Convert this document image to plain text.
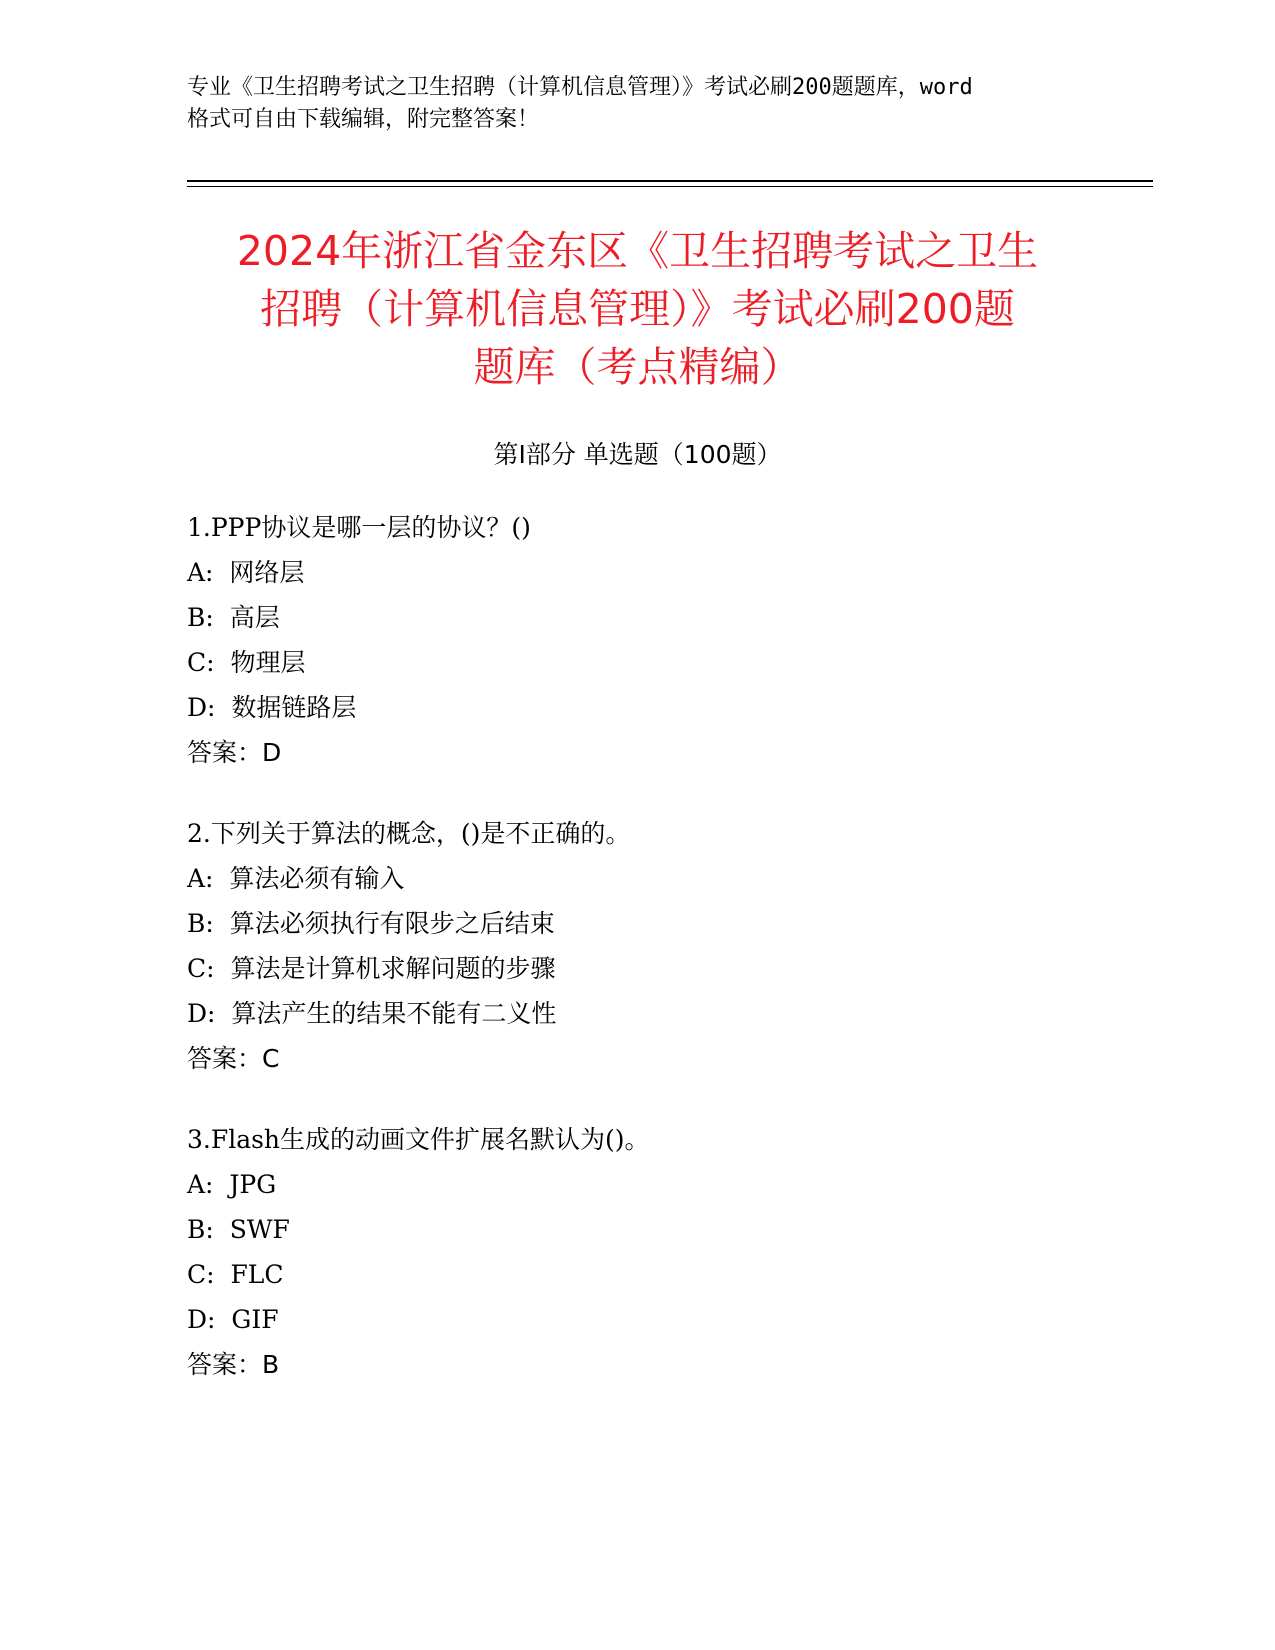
专业《卫生招聘考试之卫生招聘（计算机信息管理）》考试必刷200题题库，word
格式可自由下载编辑，附完整答案！
2024年浙江省金东区《卫生招聘考试之卫生
招聘（计算机信息管理）》考试必刷200题
题库（考点精编）
第I部分 单选题（100题）
1.PPP协议是哪一层的协议？()
A:  网络层
B:  高层
C:  物理层
D:  数据链路层
答案：D
2.下列关于算法的概念，()是不正确的。
A:  算法必须有输入
B:  算法必须执行有限步之后结束
C:  算法是计算机求解问题的步骤
D:  算法产生的结果不能有二义性
答案：C
3.Flash生成的动画文件扩展名默认为()。
A:  JPG
B:  SWF
C:  FLC
D:  GIF
答案：B
